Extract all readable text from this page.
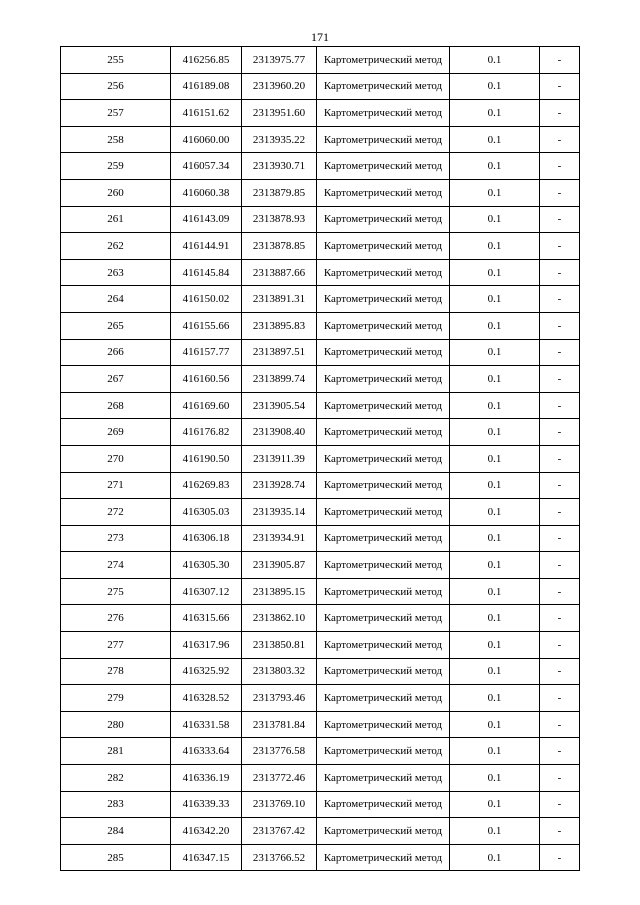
171
255	416256.85	2313975.77	Картометрический метод	0.1	-
256	416189.08	2313960.20	Картометрический метод	0.1	-
257	416151.62	2313951.60	Картометрический метод	0.1	-
258	416060.00	2313935.22	Картометрический метод	0.1	-
259	416057.34	2313930.71	Картометрический метод	0.1	-
260	416060.38	2313879.85	Картометрический метод	0.1	-
261	416143.09	2313878.93	Картометрический метод	0.1	-
262	416144.91	2313878.85	Картометрический метод	0.1	-
263	416145.84	2313887.66	Картометрический метод	0.1	-
264	416150.02	2313891.31	Картометрический метод	0.1	-
265	416155.66	2313895.83	Картометрический метод	0.1	-
266	416157.77	2313897.51	Картометрический метод	0.1	-
267	416160.56	2313899.74	Картометрический метод	0.1	-
268	416169.60	2313905.54	Картометрический метод	0.1	-
269	416176.82	2313908.40	Картометрический метод	0.1	-
270	416190.50	2313911.39	Картометрический метод	0.1	-
271	416269.83	2313928.74	Картометрический метод	0.1	-
272	416305.03	2313935.14	Картометрический метод	0.1	-
273	416306.18	2313934.91	Картометрический метод	0.1	-
274	416305.30	2313905.87	Картометрический метод	0.1	-
275	416307.12	2313895.15	Картометрический метод	0.1	-
276	416315.66	2313862.10	Картометрический метод	0.1	-
277	416317.96	2313850.81	Картометрический метод	0.1	-
278	416325.92	2313803.32	Картометрический метод	0.1	-
279	416328.52	2313793.46	Картометрический метод	0.1	-
280	416331.58	2313781.84	Картометрический метод	0.1	-
281	416333.64	2313776.58	Картометрический метод	0.1	-
282	416336.19	2313772.46	Картометрический метод	0.1	-
283	416339.33	2313769.10	Картометрический метод	0.1	-
284	416342.20	2313767.42	Картометрический метод	0.1	-
285	416347.15	2313766.52	Картометрический метод	0.1	-
